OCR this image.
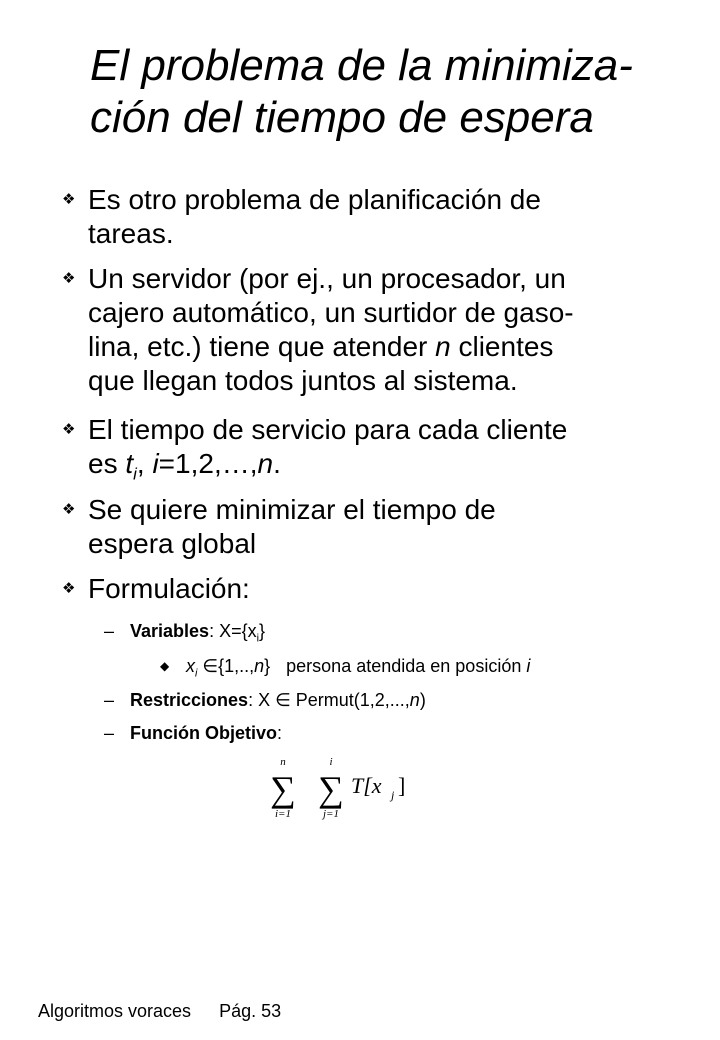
El problema de la minimiza-
ción del tiempo de espera
❖ Es otro problema de planificación de
tareas.
❖ Un servidor (por ej., un procesador, un
cajero automático, un surtidor de gaso-
lina, etc.) tiene que atender n clientes
que llegan todos juntos al sistema.
❖ El tiempo de servicio para cada cliente
es $t_i$, i=1,2,…,n.
❖ Se quiere minimizar el tiempo de
espera global
❖ Formulación:
– Variables: $X=\{x_i\}$
◆ $x_i$ ∈{1,..,n} persona atendida en posición i
– Restricciones: X ∈ Permut(1,2,...,n)
– Función Objetivo:
n
∑
i=1
i
∑
j=1
T[x j ]
Algoritmos voraces Pág. 53
